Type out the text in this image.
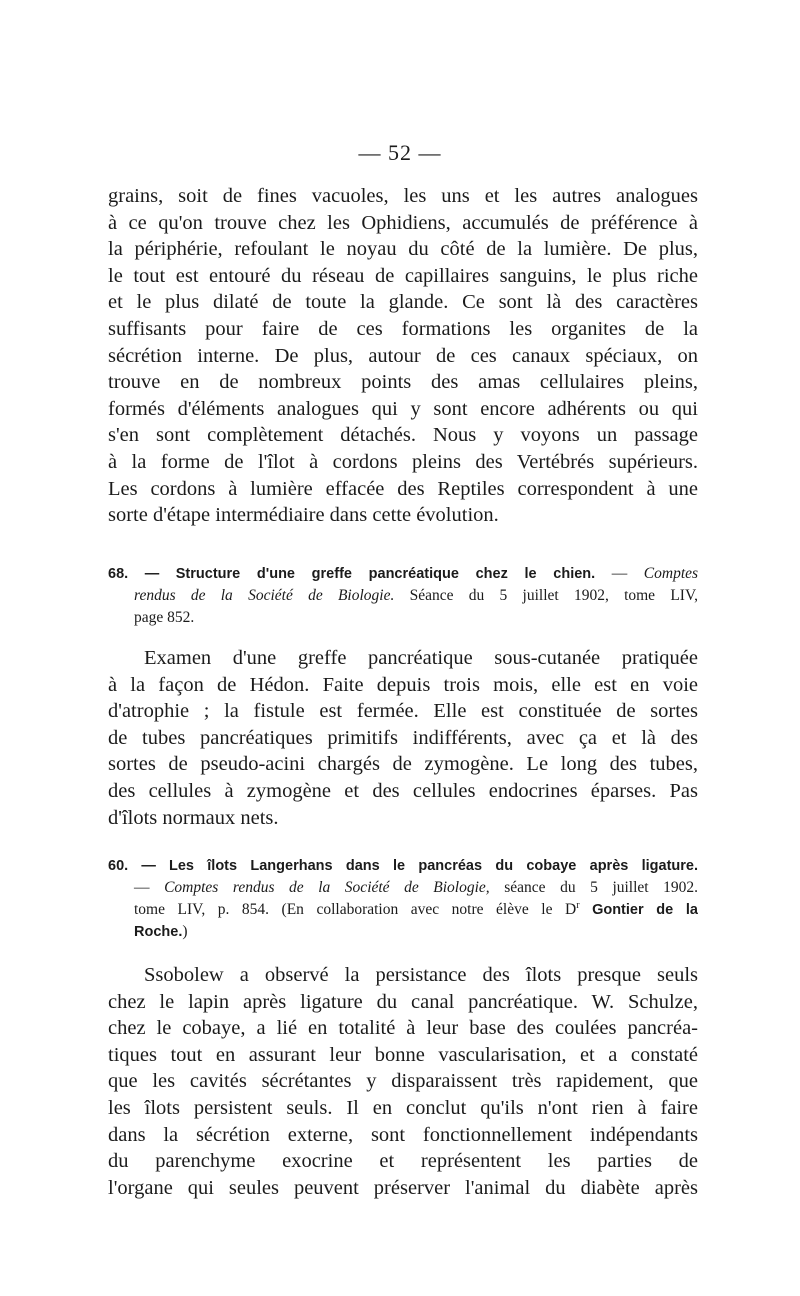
— 52 —
grains, soit de fines vacuoles, les uns et les autres analogues
à ce qu'on trouve chez les Ophidiens, accumulés de préférence à
la périphérie, refoulant le noyau du côté de la lumière. De plus,
le tout est entouré du réseau de capillaires sanguins, le plus riche
et le plus dilaté de toute la glande. Ce sont là des caractères
suffisants pour faire de ces formations les organites de la
sécrétion interne. De plus, autour de ces canaux spéciaux, on
trouve en de nombreux points des amas cellulaires pleins,
formés d'éléments analogues qui y sont encore adhérents ou qui
s'en sont complètement détachés. Nous y voyons un passage
à la forme de l'îlot à cordons pleins des Vertébrés supérieurs.
Les cordons à lumière effacée des Reptiles correspondent à une
sorte d'étape intermédiaire dans cette évolution.
68. — Structure d'une greffe pancréatique chez le chien. — Comptes
rendus de la Société de Biologie. Séance du 5 juillet 1902, tome LIV,
page 852.
Examen d'une greffe pancréatique sous-cutanée pratiquée
à la façon de Hédon. Faite depuis trois mois, elle est en voie
d'atrophie ; la fistule est fermée. Elle est constituée de sortes
de tubes pancréatiques primitifs indifférents, avec ça et là des
sortes de pseudo-acini chargés de zymogène. Le long des tubes,
des cellules à zymogène et des cellules endocrines éparses. Pas
d'îlots normaux nets.
60. — Les îlots Langerhans dans le pancréas du cobaye après ligature.
— Comptes rendus de la Société de Biologie, séance du 5 juillet 1902.
tome LIV, p. 854. (En collaboration avec notre élève le $D^r$ Gontier de la
Roche.)
Ssobolew a observé la persistance des îlots presque seuls
chez le lapin après ligature du canal pancréatique. W. Schulze,
chez le cobaye, a lié en totalité à leur base des coulées pancréa-
tiques tout en assurant leur bonne vascularisation, et a constaté
que les cavités sécrétantes y disparaissent très rapidement, que
les îlots persistent seuls. Il en conclut qu'ils n'ont rien à faire
dans la sécrétion externe, sont fonctionnellement indépendants
du parenchyme exocrine et représentent les parties de
l'organe qui seules peuvent préserver l'animal du diabète après
